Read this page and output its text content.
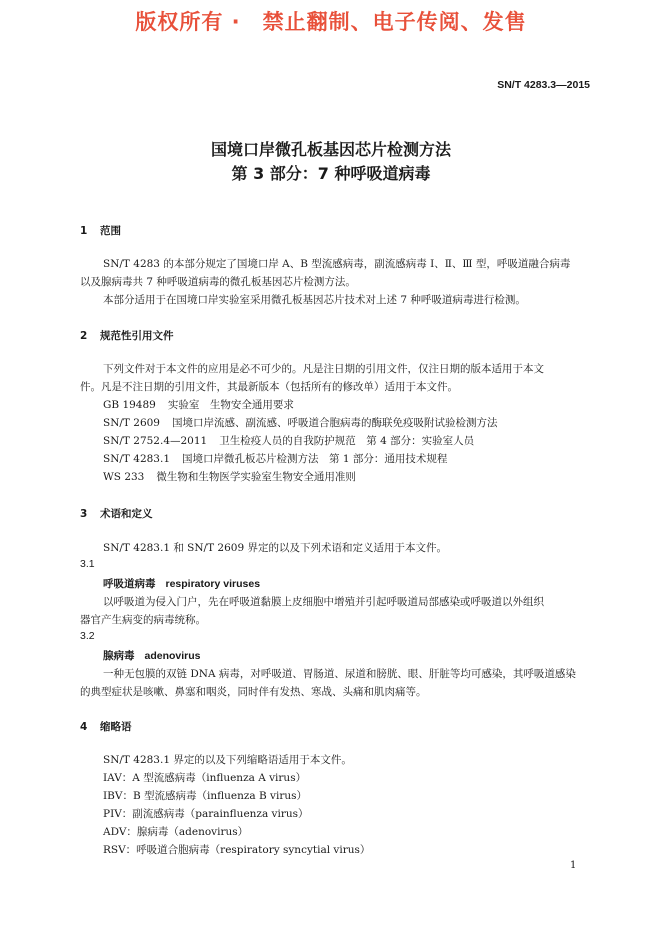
版权所有 ·　禁止翻制、电子传阅、发售
SN/T 4283.3—2015
国境口岸微孔板基因芯片检测方法
第 3 部分：7 种呼吸道病毒
1 范围
SN/T 4283 的本部分规定了国境口岸 A、B 型流感病毒，副流感病毒 Ⅰ、Ⅱ、Ⅲ 型，呼吸道融合病毒
以及腺病毒共 7 种呼吸道病毒的微孔板基因芯片检测方法。
本部分适用于在国境口岸实验室采用微孔板基因芯片技术对上述 7 种呼吸道病毒进行检测。
2 规范性引用文件
下列文件对于本文件的应用是必不可少的。凡是注日期的引用文件，仅注日期的版本适用于本文
件。凡是不注日期的引用文件，其最新版本（包括所有的修改单）适用于本文件。
GB 19489 实验室　生物安全通用要求
SN/T 2609 国境口岸流感、副流感、呼吸道合胞病毒的酶联免疫吸附试验检测方法
SN/T 2752.4—2011 卫生检疫人员的自我防护规范　第 4 部分：实验室人员
SN/T 4283.1 国境口岸微孔板芯片检测方法　第 1 部分：通用技术规程
WS 233 微生物和生物医学实验室生物安全通用准则
3 术语和定义
SN/T 4283.1 和 SN/T 2609 界定的以及下列术语和定义适用于本文件。
3.1
呼吸道病毒 respiratory viruses
以呼吸道为侵入门户，先在呼吸道黏膜上皮细胞中增殖并引起呼吸道局部感染或呼吸道以外组织
器官产生病变的病毒统称。
3.2
腺病毒 adenovirus
一种无包膜的双链 DNA 病毒，对呼吸道、胃肠道、尿道和膀胱、眼、肝脏等均可感染，其呼吸道感染
的典型症状是咳嗽、鼻塞和咽炎，同时伴有发热、寒战、头痛和肌肉痛等。
4 缩略语
SN/T 4283.1 界定的以及下列缩略语适用于本文件。
IAV：A 型流感病毒（influenza A virus）
IBV：B 型流感病毒（influenza B virus）
PIV：副流感病毒（parainfluenza virus）
ADV：腺病毒（adenovirus）
RSV：呼吸道合胞病毒（respiratory syncytial virus）
1
